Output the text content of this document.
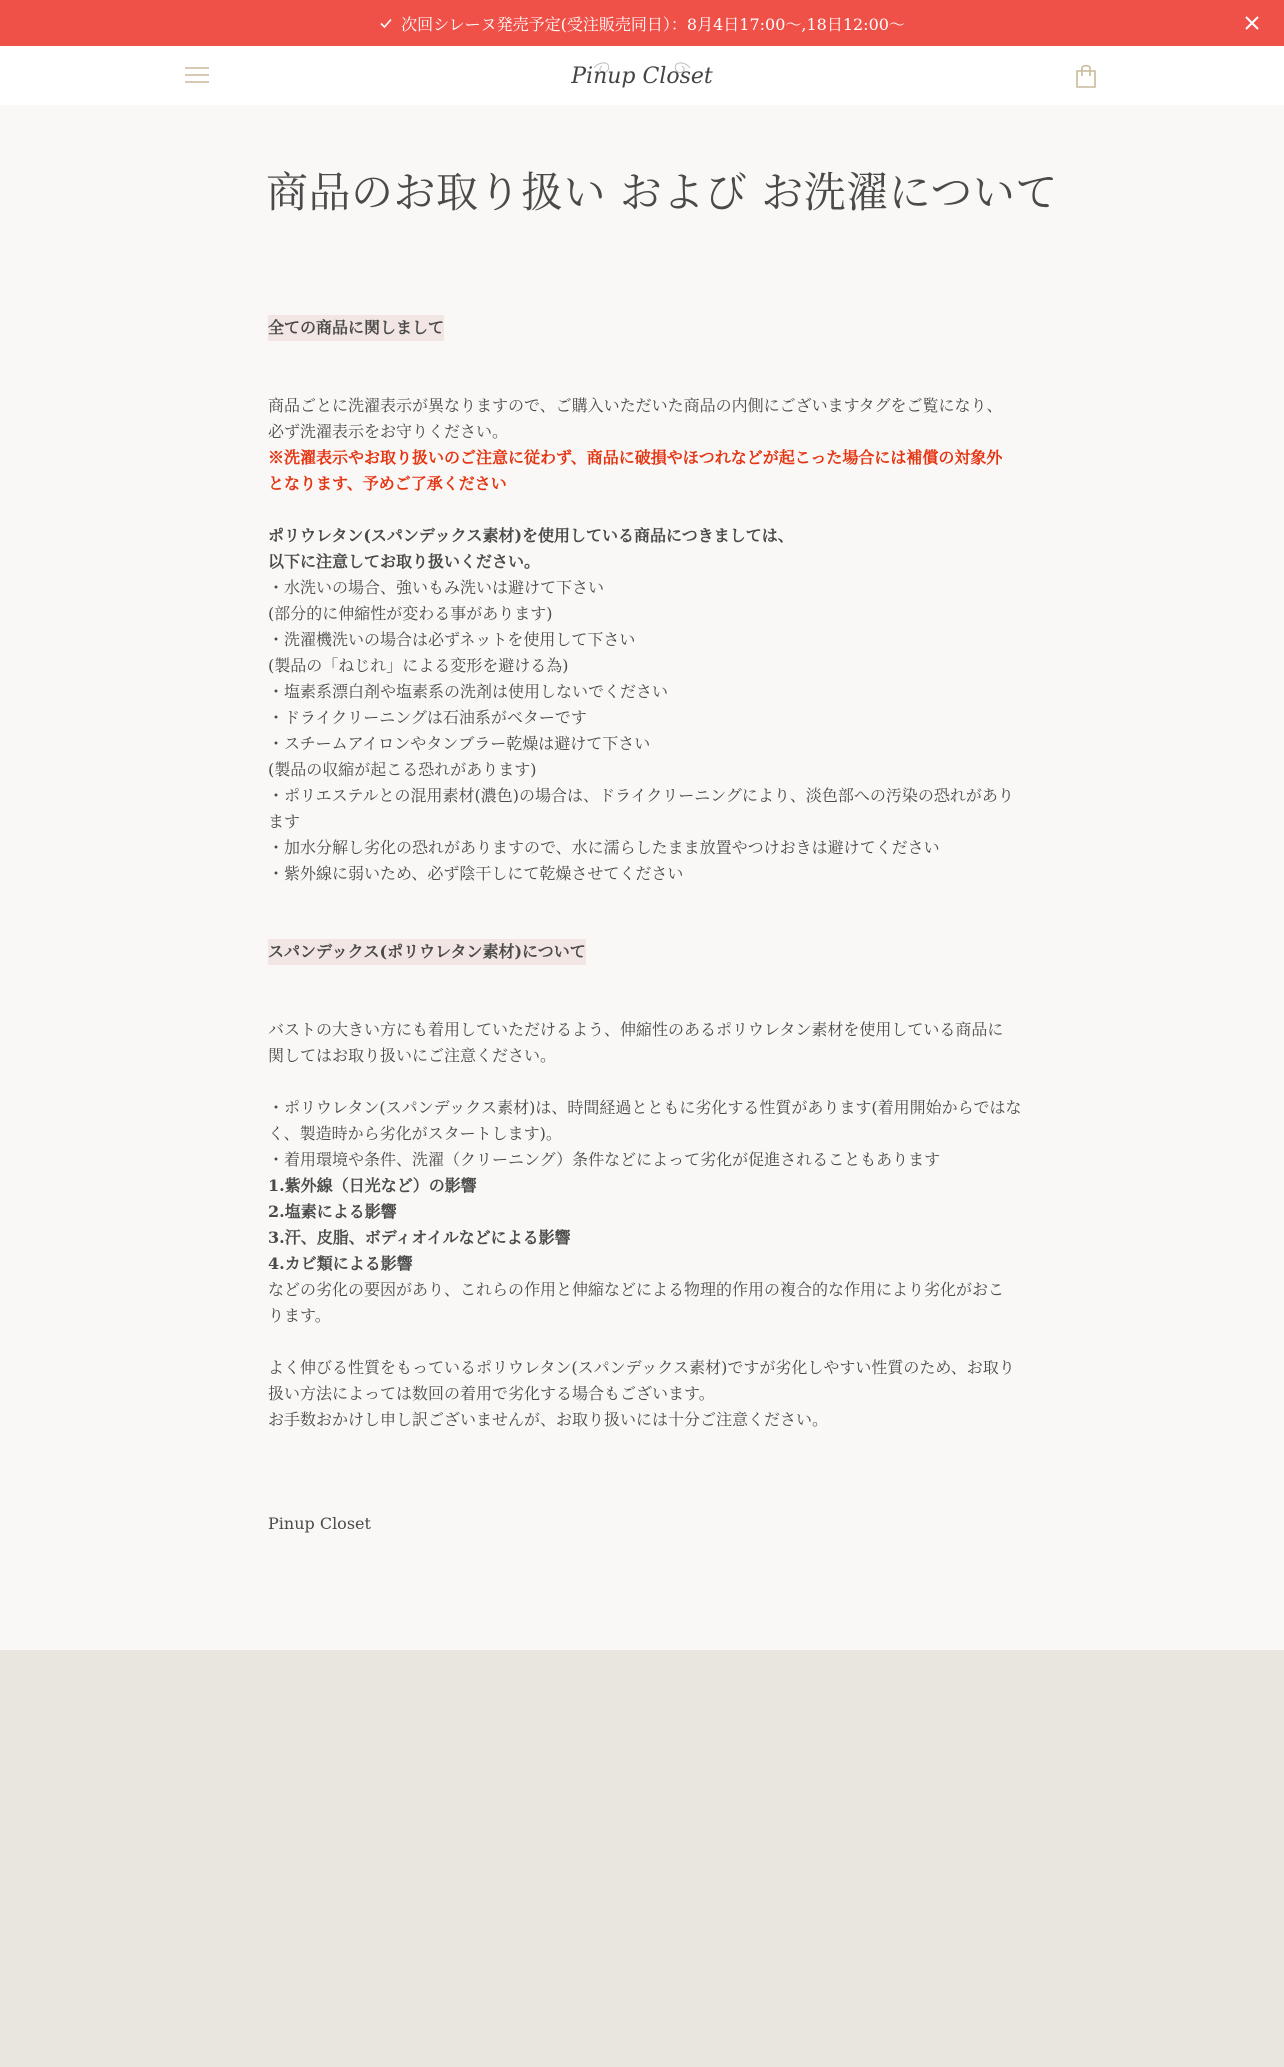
次回シレーヌ発売予定(受注販売同日）：8月4日17:00～,18日12:00～
Pinup Closet
商品のお取り扱い および お洗濯について
全ての商品に関しまして
商品ごとに洗濯表示が異なりますので、ご購入いただいた商品の内側にございますタグをご覧になり、
必ず洗濯表示をお守りください。
※洗濯表示やお取り扱いのご注意に従わず、商品に破損やほつれなどが起こった場合には補償の対象外
となります、予めご了承ください
ポリウレタン(スパンデックス素材)を使用している商品につきましては、
以下に注意してお取り扱いください。
・水洗いの場合、強いもみ洗いは避けて下さい
(部分的に伸縮性が変わる事があります)
・洗濯機洗いの場合は必ずネットを使用して下さい
(製品の「ねじれ」による変形を避ける為)
・塩素系漂白剤や塩素系の洗剤は使用しないでください
・ドライクリーニングは石油系がベターです
・スチームアイロンやタンブラー乾燥は避けて下さい
(製品の収縮が起こる恐れがあります)
・ポリエステルとの混用素材(濃色)の場合は、ドライクリーニングにより、淡色部への汚染の恐れがあり
ます
・加水分解し劣化の恐れがありますので、水に濡らしたまま放置やつけおきは避けてください
・紫外線に弱いため、必ず陰干しにて乾燥させてください
スパンデックス(ポリウレタン素材)について
バストの大きい方にも着用していただけるよう、伸縮性のあるポリウレタン素材を使用している商品に
関してはお取り扱いにご注意ください。
・ポリウレタン(スパンデックス素材)は、時間経過とともに劣化する性質があります(着用開始からではな
く、製造時から劣化がスタートします)。
・着用環境や条件、洗濯（クリーニング）条件などによって劣化が促進されることもあります
1.紫外線（日光など）の影響
2.塩素による影響
3.汗、皮脂、ボディオイルなどによる影響
4.カビ類による影響
などの劣化の要因があり、これらの作用と伸縮などによる物理的作用の複合的な作用により劣化がおこ
ります。
よく伸びる性質をもっているポリウレタン(スパンデックス素材)ですが劣化しやすい性質のため、お取り
扱い方法によっては数回の着用で劣化する場合もございます。
お手数おかけし申し訳ございませんが、お取り扱いには十分ご注意ください。
Pinup Closet
